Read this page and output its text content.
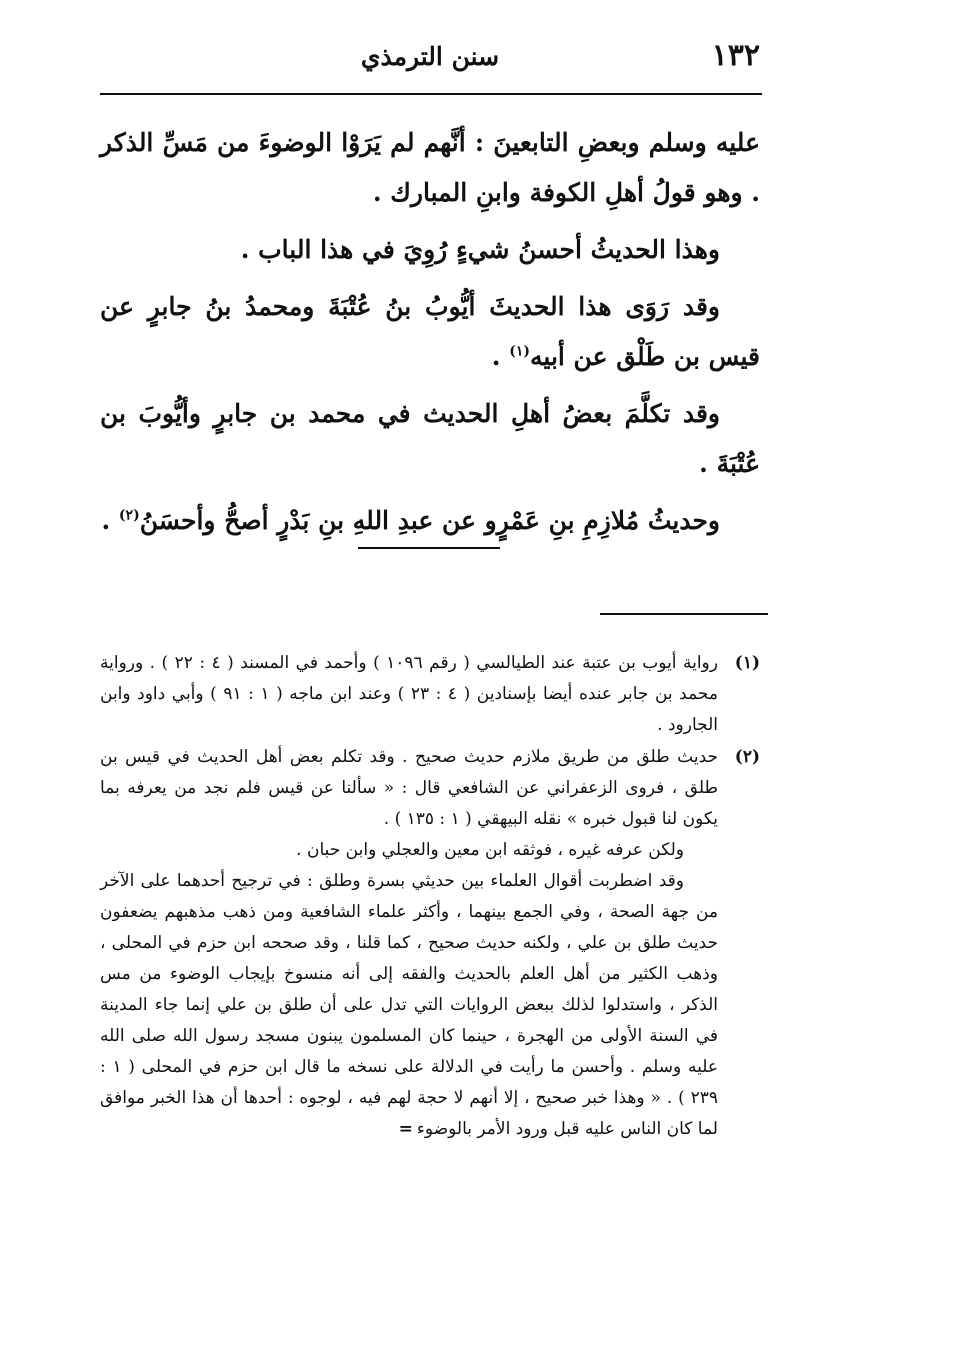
١٣٢
سنن الترمذي

عليه وسلم وبعضِ التابعينَ : أنَّهم لم يَرَوْا الوضوءَ من مَسِّ الذكر . وهو قولُ أهلِ الكوفة وابنِ المبارك .

وهذا الحديثُ أحسنُ شيءٍ رُوِيَ في هذا الباب .

وقد رَوَى هذا الحديثَ أيُّوبُ بنُ عُتْبَةَ ومحمدُ بنُ جابرٍ عن قيس بن طَلْق عن أبيه$^{(١)}$ .

وقد تكلَّمَ بعضُ أهلِ الحديث في محمد بن جابرٍ وأيُّوبَ بن عُتْبَةَ .

وحديثُ مُلازِمِ بنِ عَمْرٍو عن عبدِ اللهِ بنِ بَدْرٍ أصحُّ وأحسَنُ$^{(٢)}$ .

(١)

رواية أيوب بن عتبة عند الطيالسي ( رقم ١٠٩٦ ) وأحمد في المسند ( ٤ : ٢٢ ) . ورواية محمد بن جابر عنده أيضا بإسنادين ( ٤ : ٢٣ ) وعند ابن ماجه ( ١ : ٩١ ) وأبي داود وابن الجارود .

(٢)

حديث طلق من طريق ملازم حديث صحيح . وقد تكلم بعض أهل الحديث في قيس بن طلق ، فروى الزعفراني عن الشافعي قال : « سألنا عن قيس فلم نجد من يعرفه بما يكون لنا قبول خبره » نقله البيهقي ( ١ : ١٣٥ ) .

ولكن عرفه غيره ، فوثقه ابن معين والعجلي وابن حبان .

وقد اضطربت أقوال العلماء بين حديثي بسرة وطلق : في ترجيح أحدهما على الآخر من جهة الصحة ، وفي الجمع بينهما ، وأكثر علماء الشافعية ومن ذهب مذهبهم يضعفون حديث طلق بن علي ، ولكنه حديث صحيح ، كما قلنا ، وقد صححه ابن حزم في المحلى ، وذهب الكثير من أهل العلم بالحديث والفقه إلى أنه منسوخ بإيجاب الوضوء من مس الذكر ، واستدلوا لذلك ببعض الروايات التي تدل على أن طلق بن علي إنما جاء المدينة في السنة الأولى من الهجرة ، حينما كان المسلمون يبنون مسجد رسول الله صلى الله عليه وسلم . وأحسن ما رأيت في الدلالة على نسخه ما قال ابن حزم في المحلى ( ١ : ٢٣٩ ) . « وهذا خبر صحيح ، إلا أنهم لا حجة لهم فيه ، لوجوه : أحدها أن هذا الخبر موافق لما كان الناس عليه قبل ورود الأمر بالوضوء=
